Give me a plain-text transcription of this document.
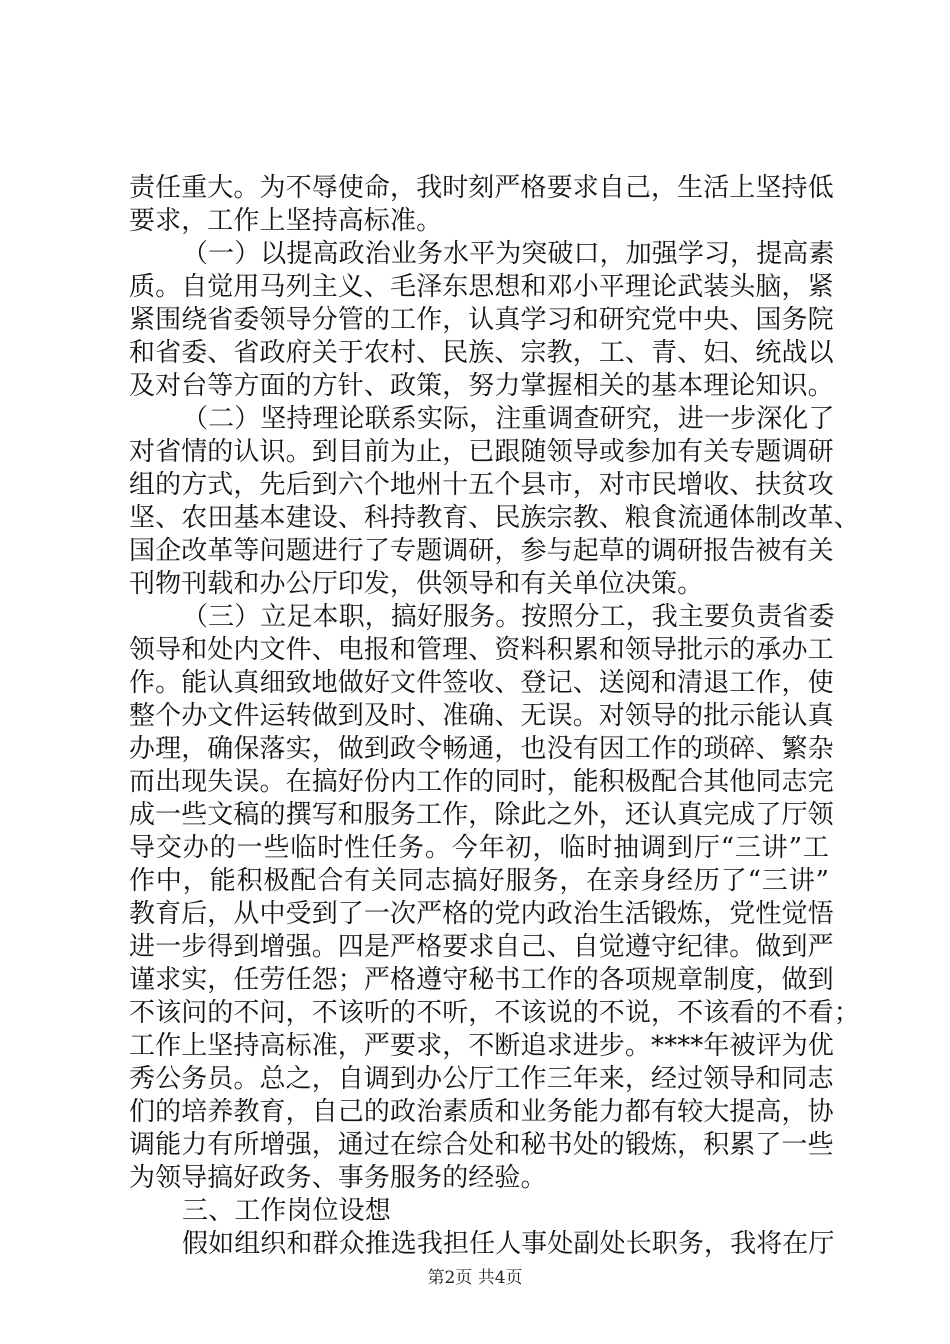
责任重大。为不辱使命，我时刻严格要求自己，生活上坚持低
要求，工作上坚持高标准。
（一）以提高政治业务水平为突破口，加强学习，提高素
质。自觉用马列主义、毛泽东思想和邓小平理论武装头脑，紧
紧围绕省委领导分管的工作，认真学习和研究党中央、国务院
和省委、省政府关于农村、民族、宗教，工、青、妇、统战以
及对台等方面的方针、政策，努力掌握相关的基本理论知识。
（二）坚持理论联系实际，注重调查研究，进一步深化了
对省情的认识。到目前为止，已跟随领导或参加有关专题调研
组的方式，先后到六个地州十五个县市，对市民增收、扶贫攻
坚、农田基本建设、科持教育、民族宗教、粮食流通体制改革、
国企改革等问题进行了专题调研，参与起草的调研报告被有关
刊物刊载和办公厅印发，供领导和有关单位决策。
（三）立足本职，搞好服务。按照分工，我主要负责省委
领导和处内文件、电报和管理、资料积累和领导批示的承办工
作。能认真细致地做好文件签收、登记、送阅和清退工作，使
整个办文件运转做到及时、准确、无误。对领导的批示能认真
办理，确保落实，做到政令畅通，也没有因工作的琐碎、繁杂
而出现失误。在搞好份内工作的同时，能积极配合其他同志完
成一些文稿的撰写和服务工作，除此之外，还认真完成了厅领
导交办的一些临时性任务。今年初，临时抽调到厅“三讲”工
作中，能积极配合有关同志搞好服务，在亲身经历了“三讲”
教育后，从中受到了一次严格的党内政治生活锻炼，党性觉悟
进一步得到增强。四是严格要求自己、自觉遵守纪律。做到严
谨求实，任劳任怨；严格遵守秘书工作的各项规章制度，做到
不该问的不问，不该听的不听，不该说的不说，不该看的不看；
工作上坚持高标准，严要求，不断追求进步。****年被评为优
秀公务员。总之，自调到办公厅工作三年来，经过领导和同志
们的培养教育，自己的政治素质和业务能力都有较大提高，协
调能力有所增强，通过在综合处和秘书处的锻炼，积累了一些
为领导搞好政务、事务服务的经验。
三、工作岗位设想
假如组织和群众推选我担任人事处副处长职务，我将在厅
第2页 共4页
